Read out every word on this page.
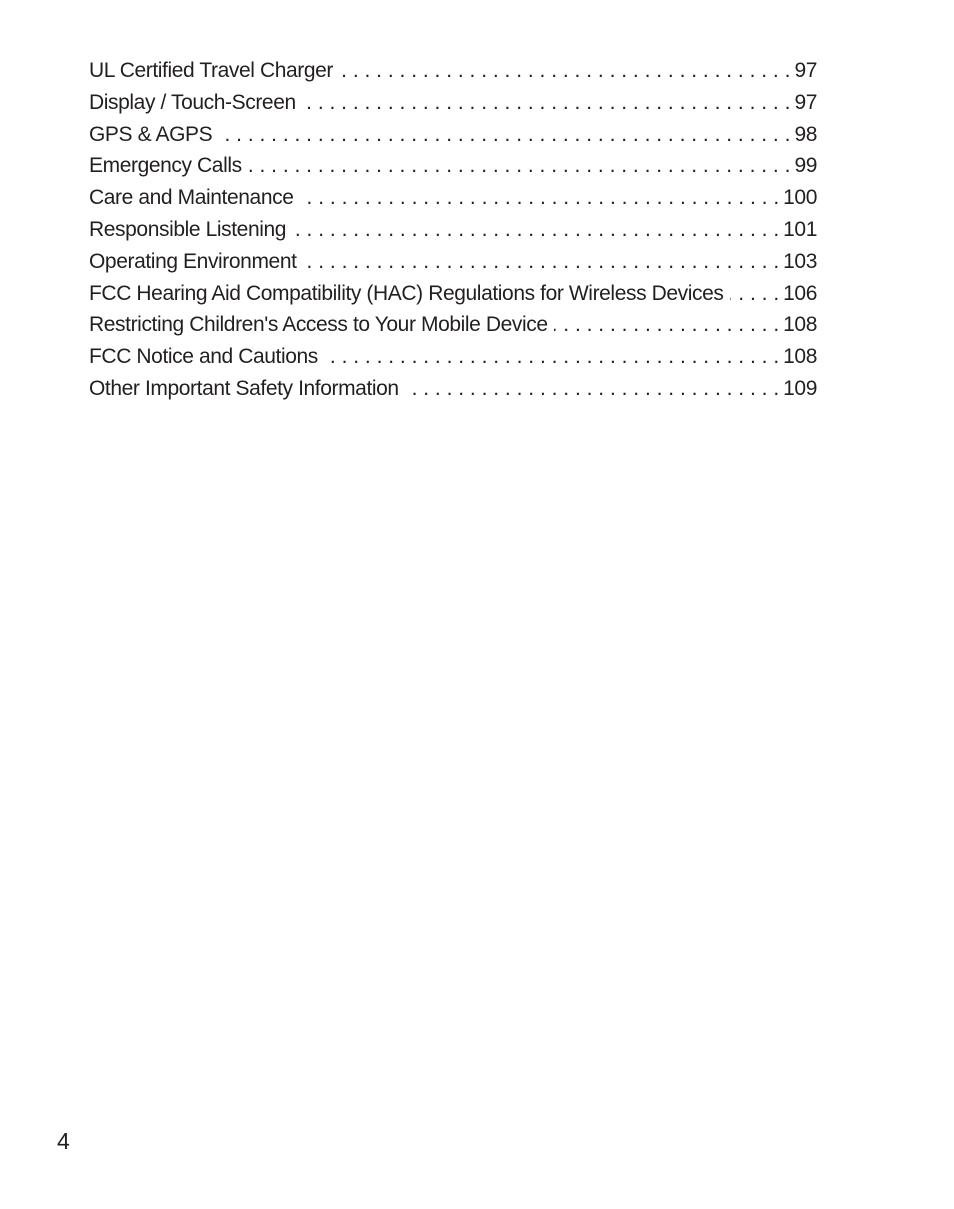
UL Certified Travel Charger . . .	97
Display / Touch-Screen . . .	97
GPS & AGPS . . .	98
Emergency Calls . . .	99
Care and Maintenance . . .	100
Responsible Listening . . .	101
Operating Environment . . .	103
FCC Hearing Aid Compatibility (HAC) Regulations for Wireless Devices . . .	106
Restricting Children's Access to Your Mobile Device . . .	108
FCC Notice and Cautions . . .	108
Other Important Safety Information . . .	109
4
